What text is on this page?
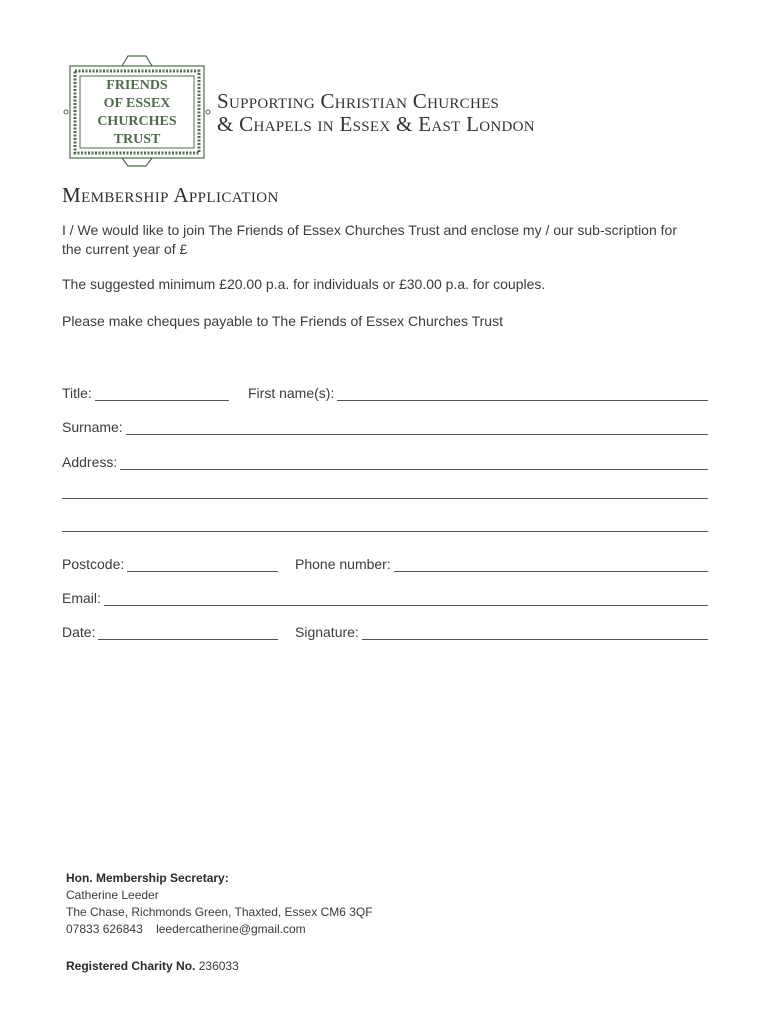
FRIENDS
OF ESSEX
CHURCHES
TRUST
Supporting Christian Churches
& Chapels in Essex & East London
Membership Application
I / We would like to join The Friends of Essex Churches Trust and enclose my / our sub-scription for the current year of £
The suggested minimum £20.00 p.a. for individuals or £30.00 p.a. for couples.
Please make cheques payable to The Friends of Essex Churches Trust
Title:	First name(s):
Surname:
Address:
Postcode:	Phone number:
Email:
Date:	Signature:
Hon. Membership Secretary:
Catherine Leeder
The Chase, Richmonds Green, Thaxted, Essex CM6 3QF
07833 626843 leedercatherine@gmail.com
Registered Charity No. 236033
